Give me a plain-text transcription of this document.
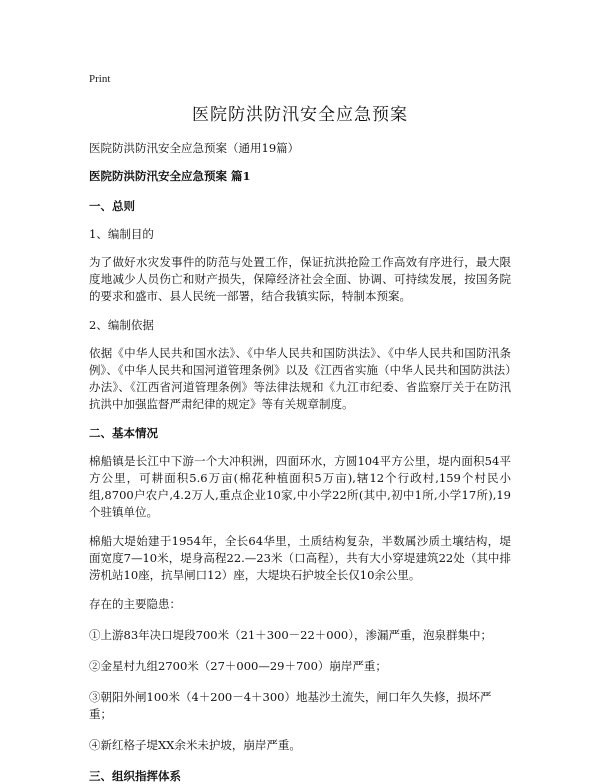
Print
医院防洪防汛安全应急预案

医院防洪防汛安全应急预案（通用19篇）

医院防洪防汛安全应急预案 篇1

一、总则

1、编制目的

为了做好水灾发事件的防范与处置工作，保证抗洪抢险工作高效有序进行，最大限度地减少人员伤亡和财产损失，保障经济社会全面、协调、可持续发展，按国务院的要求和盛市、县人民统一部署，结合我镇实际，特制本预案。

2、编制依据

依据《中华人民共和国水法》、《中华人民共和国防洪法》、《中华人民共和国防汛条例》、《中华人民共和国河道管理条例》以及《江西省实施（中华人民共和国防洪法）办法》、《江西省河道管理条例》等法律法规和《九江市纪委、省监察厅关于在防汛抗洪中加强监督严肃纪律的规定》等有关规章制度。

二、基本情况

棉船镇是长江中下游一个大冲积洲，四面环水，方圆104平方公里，堤内面积54平方公里，可耕面积5.6万亩(棉花种植面积5万亩),辖12个行政村,159个村民小组,8700户农户,4.2万人,重点企业10家,中小学22所(其中,初中1所,小学17所),19个驻镇单位。

棉船大堤始建于1954年，全长64华里，土质结构复杂，半数属沙质土壤结构，堤面宽度7—10米，堤身高程22.—23米（口高程），共有大小穿堤建筑22处（其中排涝机站10座，抗旱闸口12）座，大堤块石护坡全长仅10余公里。

存在的主要隐患：

①上游83年决口堤段700米（21＋300－22＋000），渗漏严重，泡泉群集中；

②金星村九组2700米（27＋000—29＋700）崩岸严重；

③朝阳外闸100米（4＋200－4＋300）地基沙土流失，闸口年久失修，损坏严重；

④新红格子堤XX余米未护坡，崩岸严重。

三、组织指挥体系
